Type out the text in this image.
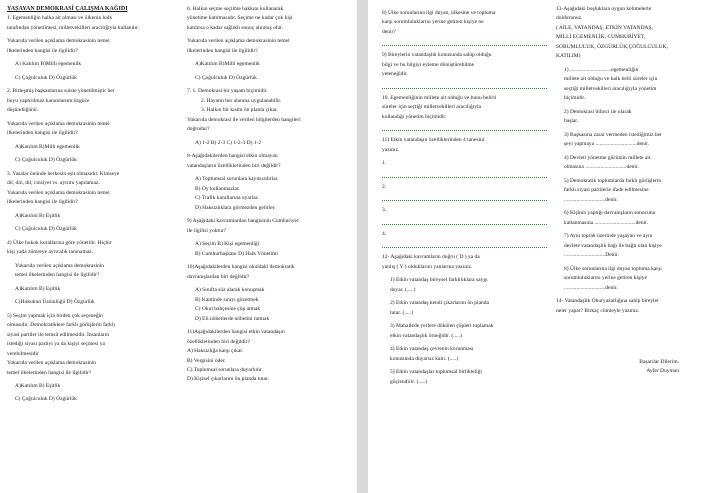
YAŞAYAN DEMOKRASİ ÇALIŞMA KAĞIDI

1. Egemenliğin halka ait olması ve ülkenin halk

tarafından yönetilmesi, milletvekilleri aracılığıyla kullanılır.

Yukarıda verilen açıklama demokrasinin temel

ilkelerinden hangisi ile ilgilidir?

A) Katılım B)Milli egemenlik

C) Çoğulculuk D) Özgürlük

2. Birleşmiş başkanlarına suiste yönetilmiştir her

boyu yaptırılmaz kanunlarımı özgüce

düşündüğünü.

Yukarıda verilen açıklama demokrasinin temel

ilkelerinden hangisi ile ilgilidir?

A)Katılım B)Milli egemenlik

C) Çoğulculuk D) Özgürlük

3. Yasalar önünde herkesin eşit olmasıdır. Kimseye

dil, din, dil, cinsiyet vs. ayrımı yapılamaz.

Yukarıda verilen açıklama demokrasinin temel

ilkelerinden hangisi ile ilgilidir?

A)Katılım B) Eşitlik

C) Çoğulculuk D) Özgürlük

4) Ülke hukuk kurallarına göre yönetilir. Hiçbir

kişi yada zümreye ayrıcalık tanınamaz.

Yukarıda verilen açıklama demokrasinin

temel ilkelerinden hangisi ile ilgilidir?

A)Katılım B) Eşitlik

C)Hukukun Üstünlüğü D) Özgürlük

5) Seçim yapmak için birden çok seçeneğin

olmasıdır. Demokratiklere farklı görüşlerin farklı

siyasi partiler ile temsil edilmesidir. İnsanların

istediği siyasi partiyi ya da kişiyi seçmesi ya

verebilmesidir

Yukarıda verilen açıklama demokrasinin

temel ilkelerinden hangisi ile ilgilidir?

A)Katılım B) Eşitlik

C) Çoğulculuk D) Özgürlük

6. Halkın seçme seçilme hakkını kullanarak

yönetime katılmasıdır. Seçime ne kadar çok kişi

katılırsa o kadar sağlıklı sonuç alınmış olur.

Yukarıda verilen açıklama demokrasinin temel

ilkelerinden hangisi ile ilgilidir?

A)Katılım B)Milli egemenlik

C) Çoğulculuk D) Özgürlük

7. 1. Demokrasi bir yaşam biçimidir.

2. Hayatın her alanına uygulanabilir.

3. Halkın bir kısmı ön planla çıkar.

Yukarıda demokrasi ile verilen bilgilerden hangileri

doğrudur?

A) 1-2 B) 2-3 C) 1-2-3 D) 1-2

8-Aşağıdakilerden hangisi etkin olmayan

vatandaşların özelliklerinden biri değildir?

A) Toplumsal sorunlara kayıtsızdırlar.

B) Oy kullanmazlar.

C) Trafik kurallarına uyarlar.

D) Haksızlıklara görmezden gelirler.

9) Aşağıdaki kavramlardan hangisinin Cumhuriyet

ile ilgilisi yoktur?

A) Seçim B) Kişi egemenliği

B) Cumhurbaşkanı D) Halk Yönetimi

10)Aşağıdakilerden hangisi okuldaki demokratik

davranışlardan biri değildir?

A) Sınıfta söz alarak konuşmak

B) Kantinde sırayı gözetmek

C) Okul bahçesine çöp atmak

D) Eli nöbetlerde nöbetini tutmak

11)Aşağıdakilerden hangisi etkin vatandaşın

özelliklerinden biri değildir?

A) Haksızlığa karşı çıkar.

B) Vergisini öder.

C) Toplumsal sorunlara duyarlıdır.

D) Kişisel çıkarlarını ön planda tutar.

8) Ülke sorunlarına ilgi duyan, ülkesine ve topluma

karşı sorumluluklarını yerine getiren kişiye ne

denir?

9) Bireylerin vatandaşlık konusunda sahip olduğu

bilgi ve bu bilgiyi eyleme dönüştürebilme

yeteneğidir.

10. Egemenliğinin millete ait olduğu ve bunu belirli

süreler için seçtiği milletvekilleri aracılığıyla

kullandığı yönetim biçimidir.

11) Etkin vatandaşın özelliklerinden 4 tanesini

yazınız.

1.

2.

3.

4.

12- Aşağıdaki kavramların doğru ( D ) ya da

yanlış ( Y ) olduklarını yanlarına yazınız.

1) Etkin vatandaş bireysel farklılıklara saygı

duyar. (.....)

2) Etkin vatandaş kendi çıkarlarını ön planda

tutar. (.....)

3) Mahallede yerlere dökülen çöpleri toplamak

etkin vatandaşlık örneğidir. (.....)

4) Etkin vatandaş çevrenin korunması

konusunda duyarsız kalır. (.....)

5) Etkin vatandaşlar toplumsal birlikteliği

güçlendirir. (.....)

13-Aşağıdaki boşluklara uygun kelimelerle

doldurunuz.

( AİLE, VATANDAŞ, ETKİN VATANDAŞ,

MİLLİ EGEMENLİK, CUMHURİYET,

SORUMLULUK, ÖZGÜRLÜK,ÇOĞULCULUK,

KATILIM)

1) ..............................egemenliğin

millete ait olduğu ve halk belli süreler için

seçtiği milletvekilleri aracılığıyla yönetim

biçimidir.

2) Demokrasi bilinci ile olarak

başlar.

3) Başkasına zarar vermeden istediğimiz her

şeyi yapmaya ..............................denir.

4) Devleti yönetme gücünün millete ait

olmasına ..............................denir.

5) Demokratik toplumlarda farklı görüşlerin

farklı siyasi partilerle ifade edilmesine

..............................denir.

6) Kişinin yaptığı davranışların sonucuna

katlanmasına ..............................denir.

7) Aynı toprak üzerinde yaşayan ve aynı

devlete vatandaşlık bağı ile bağlı olan kişiye

..............................Denir.

8) Ülke sorunlarına ilgi duyan topluma karşı

sorumluluklarını yerine getiren kişiye

..............................denir.

14- Vatandaşlık Okuryazarlığına sahip bireyler

neler yapar? Birkaç cümleyle yazınız.

Başarılar Dilerim.

Ayfer Duyman
